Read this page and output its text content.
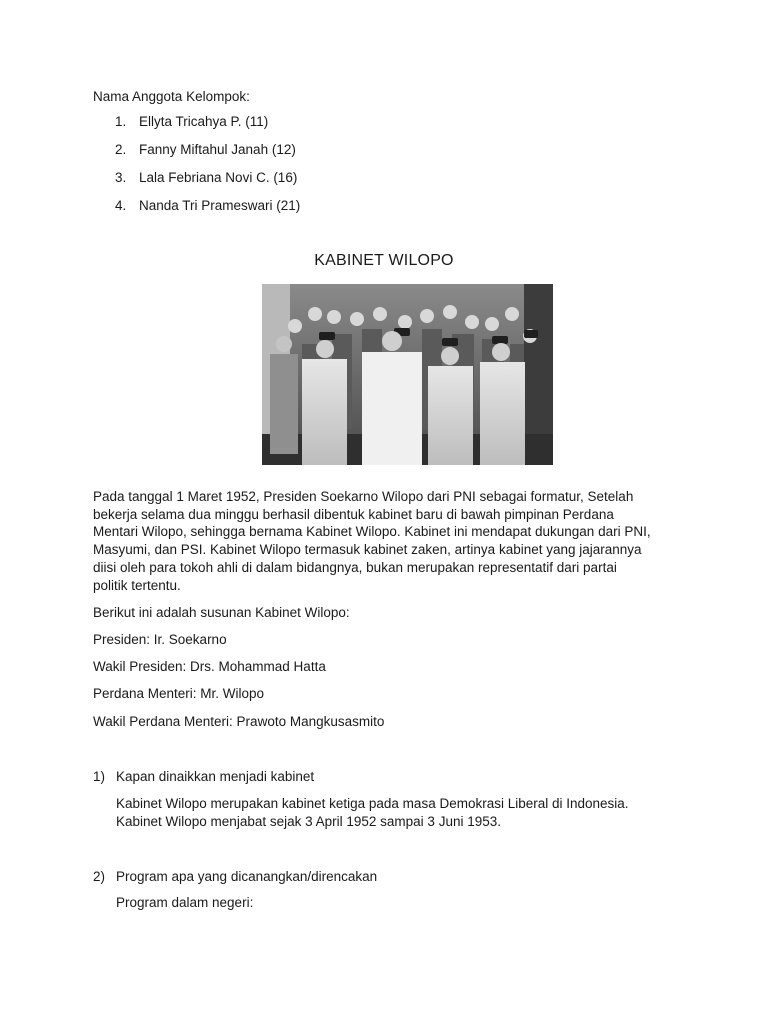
Nama Anggota Kelompok:
1. Ellyta Tricahya P. (11)
2. Fanny Miftahul Janah (12)
3. Lala Febriana Novi C. (16)
4. Nanda Tri Prameswari (21)
KABINET WILOPO
Pada tanggal 1 Maret 1952, Presiden Soekarno Wilopo dari PNI sebagai formatur, Setelah
bekerja selama dua minggu berhasil dibentuk kabinet baru di bawah pimpinan Perdana
Mentari Wilopo, sehingga bernama Kabinet Wilopo. Kabinet ini mendapat dukungan dari PNI,
Masyumi, dan PSI. Kabinet Wilopo termasuk kabinet zaken, artinya kabinet yang jajarannya
diisi oleh para tokoh ahli di dalam bidangnya, bukan merupakan representatif dari partai
politik tertentu.
Berikut ini adalah susunan Kabinet Wilopo:
Presiden: Ir. Soekarno
Wakil Presiden: Drs. Mohammad Hatta
Perdana Menteri: Mr. Wilopo
Wakil Perdana Menteri: Prawoto Mangkusasmito
1) Kapan dinaikkan menjadi kabinet
Kabinet Wilopo merupakan kabinet ketiga pada masa Demokrasi Liberal di Indonesia.
Kabinet Wilopo menjabat sejak 3 April 1952 sampai 3 Juni 1953.
2) Program apa yang dicanangkan/direncakan
Program dalam negeri:
